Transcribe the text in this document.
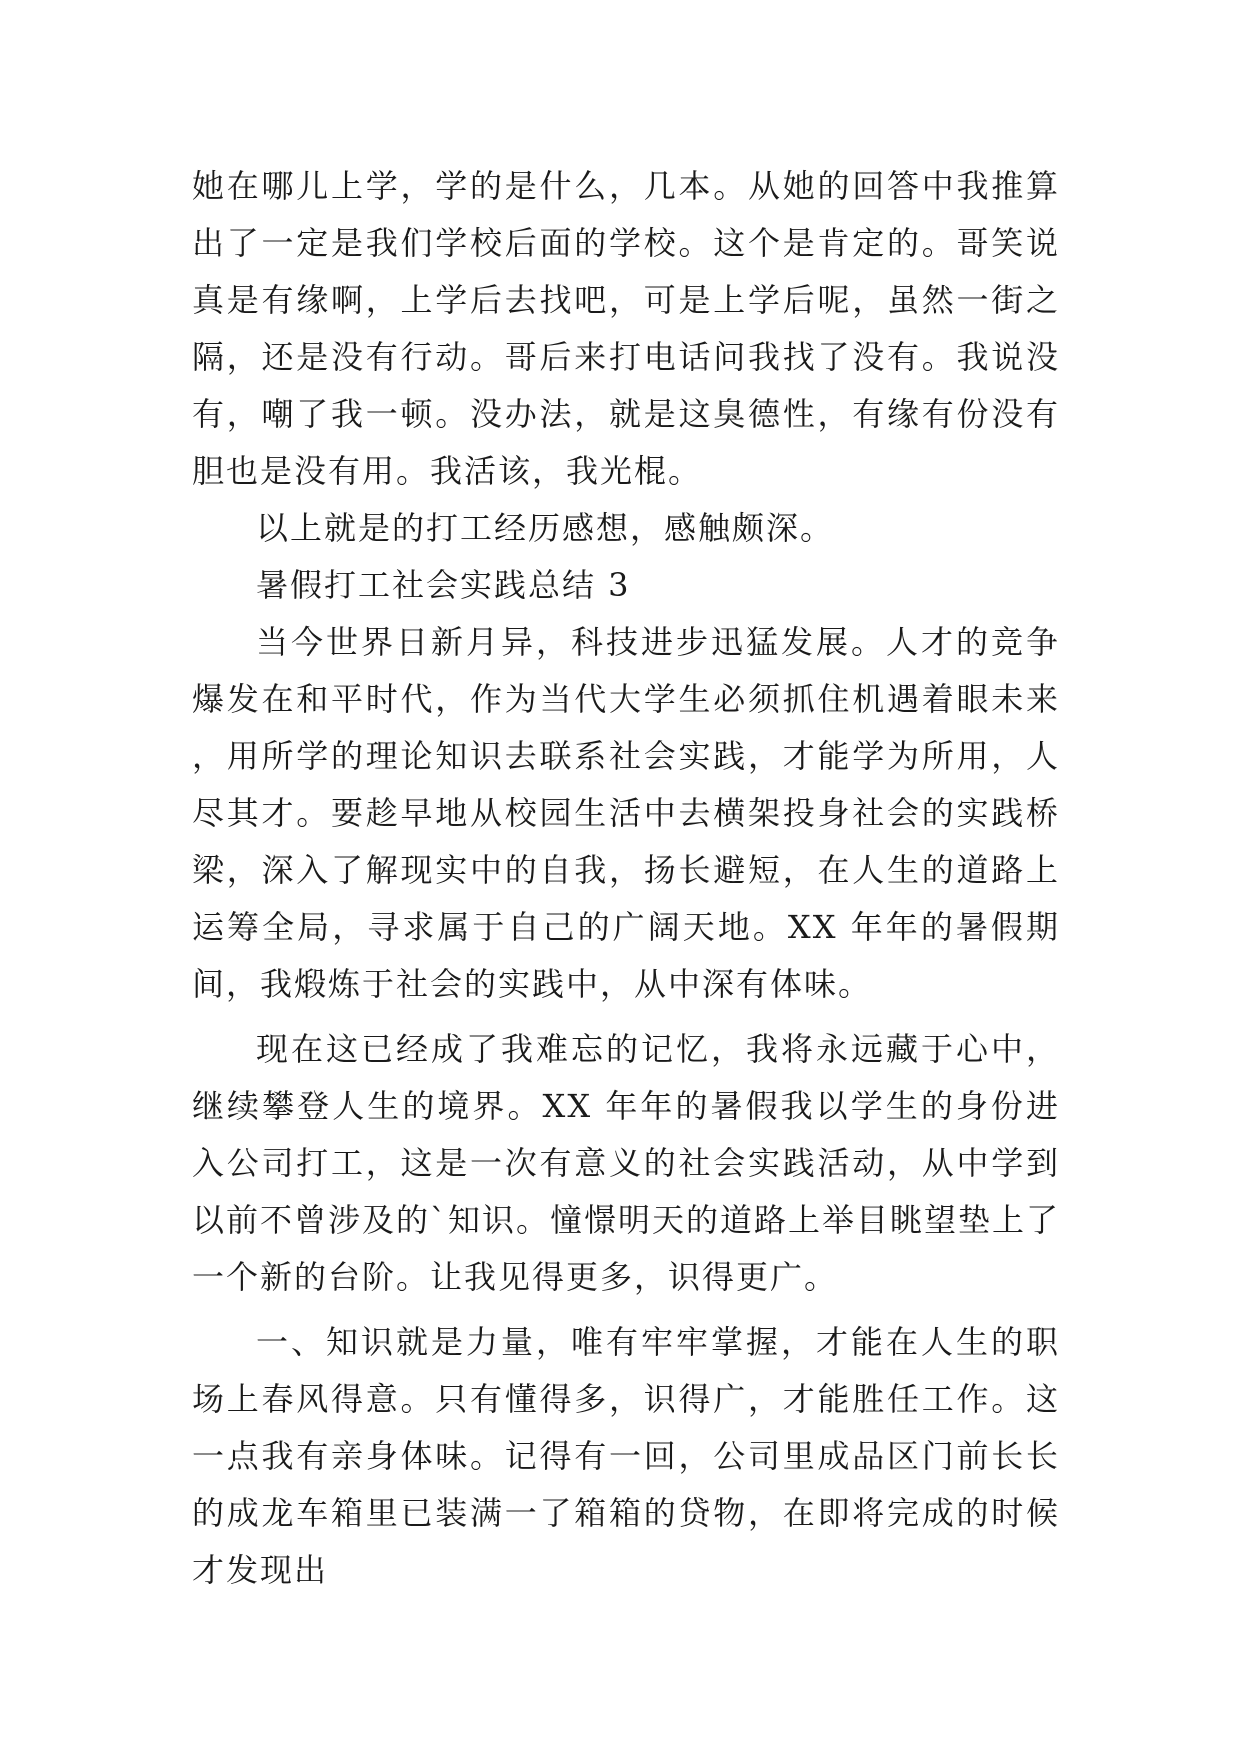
她在哪儿上学，学的是什么，几本。从她的回答中我推算出了一定是我们学校后面的学校。这个是肯定的。哥笑说真是有缘啊，上学后去找吧，可是上学后呢，虽然一街之隔，还是没有行动。哥后来打电话问我找了没有。我说没有，嘲了我一顿。没办法，就是这臭德性，有缘有份没有胆也是没有用。我活该，我光棍。

以上就是的打工经历感想，感触颇深。

暑假打工社会实践总结 3

当今世界日新月异，科技进步迅猛发展。人才的竞争爆发在和平时代，作为当代大学生必须抓住机遇着眼未来，用所学的理论知识去联系社会实践，才能学为所用，人尽其才。要趁早地从校园生活中去横架投身社会的实践桥梁，深入了解现实中的自我，扬长避短，在人生的道路上运筹全局，寻求属于自己的广阔天地。XX 年年的暑假期间，我煅炼于社会的实践中，从中深有体味。

现在这已经成了我难忘的记忆，我将永远藏于心中，继续攀登人生的境界。XX 年年的暑假我以学生的身份进入公司打工，这是一次有意义的社会实践活动，从中学到以前不曾涉及的`知识。憧憬明天的道路上举目眺望垫上了一个新的台阶。让我见得更多，识得更广。

一、知识就是力量，唯有牢牢掌握，才能在人生的职场上春风得意。只有懂得多，识得广，才能胜任工作。这一点我有亲身体味。记得有一回，公司里成品区门前长长的成龙车箱里已装满一了箱箱的贷物，在即将完成的时候才发现出
